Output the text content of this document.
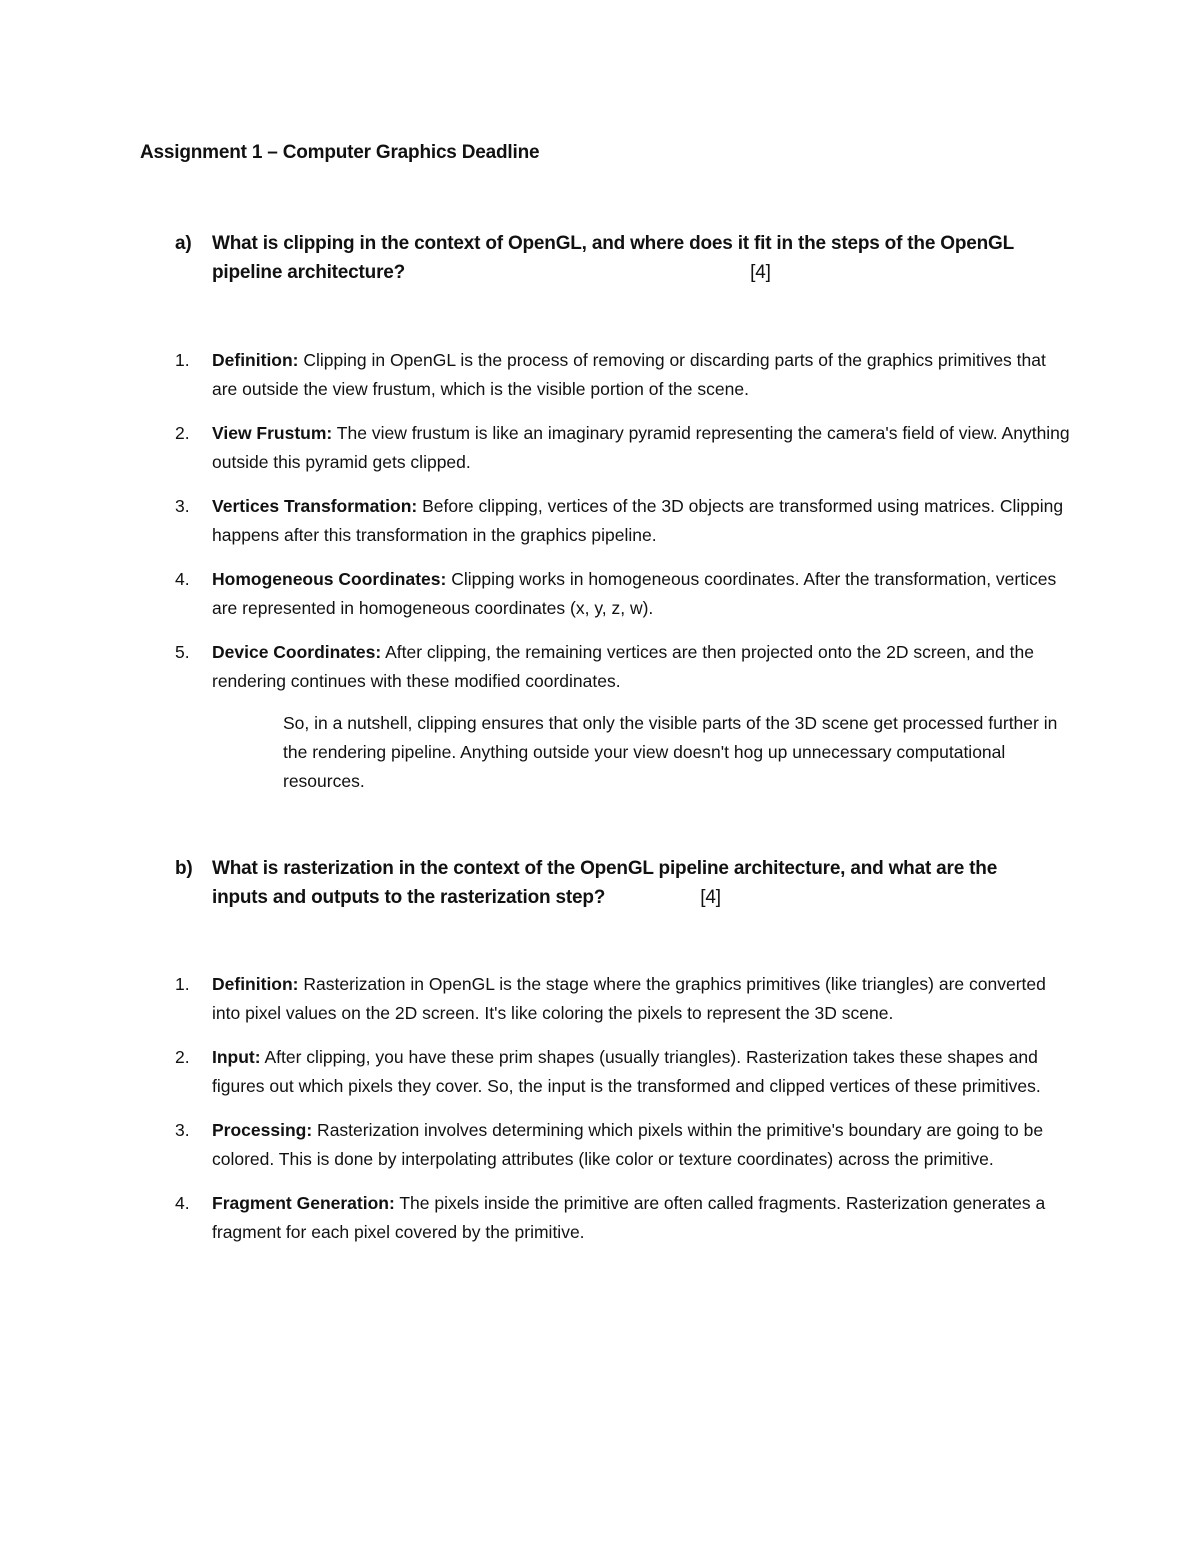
Assignment 1 – Computer Graphics Deadline
a) What is clipping in the context of OpenGL, and where does it fit in the steps of the OpenGL pipeline architecture?	[4]
1. Definition: Clipping in OpenGL is the process of removing or discarding parts of the graphics primitives that are outside the view frustum, which is the visible portion of the scene.
2. View Frustum: The view frustum is like an imaginary pyramid representing the camera's field of view. Anything outside this pyramid gets clipped.
3. Vertices Transformation: Before clipping, vertices of the 3D objects are transformed using matrices. Clipping happens after this transformation in the graphics pipeline.
4. Homogeneous Coordinates: Clipping works in homogeneous coordinates. After the transformation, vertices are represented in homogeneous coordinates (x, y, z, w).
5. Device Coordinates: After clipping, the remaining vertices are then projected onto the 2D screen, and the rendering continues with these modified coordinates.
So, in a nutshell, clipping ensures that only the visible parts of the 3D scene get processed further in the rendering pipeline. Anything outside your view doesn't hog up unnecessary computational resources.
b) What is rasterization in the context of the OpenGL pipeline architecture, and what are the inputs and outputs to the rasterization step?	[4]
1. Definition: Rasterization in OpenGL is the stage where the graphics primitives (like triangles) are converted into pixel values on the 2D screen. It's like coloring the pixels to represent the 3D scene.
2. Input: After clipping, you have these prim shapes (usually triangles). Rasterization takes these shapes and figures out which pixels they cover. So, the input is the transformed and clipped vertices of these primitives.
3. Processing: Rasterization involves determining which pixels within the primitive's boundary are going to be colored. This is done by interpolating attributes (like color or texture coordinates) across the primitive.
4. Fragment Generation: The pixels inside the primitive are often called fragments. Rasterization generates a fragment for each pixel covered by the primitive.
